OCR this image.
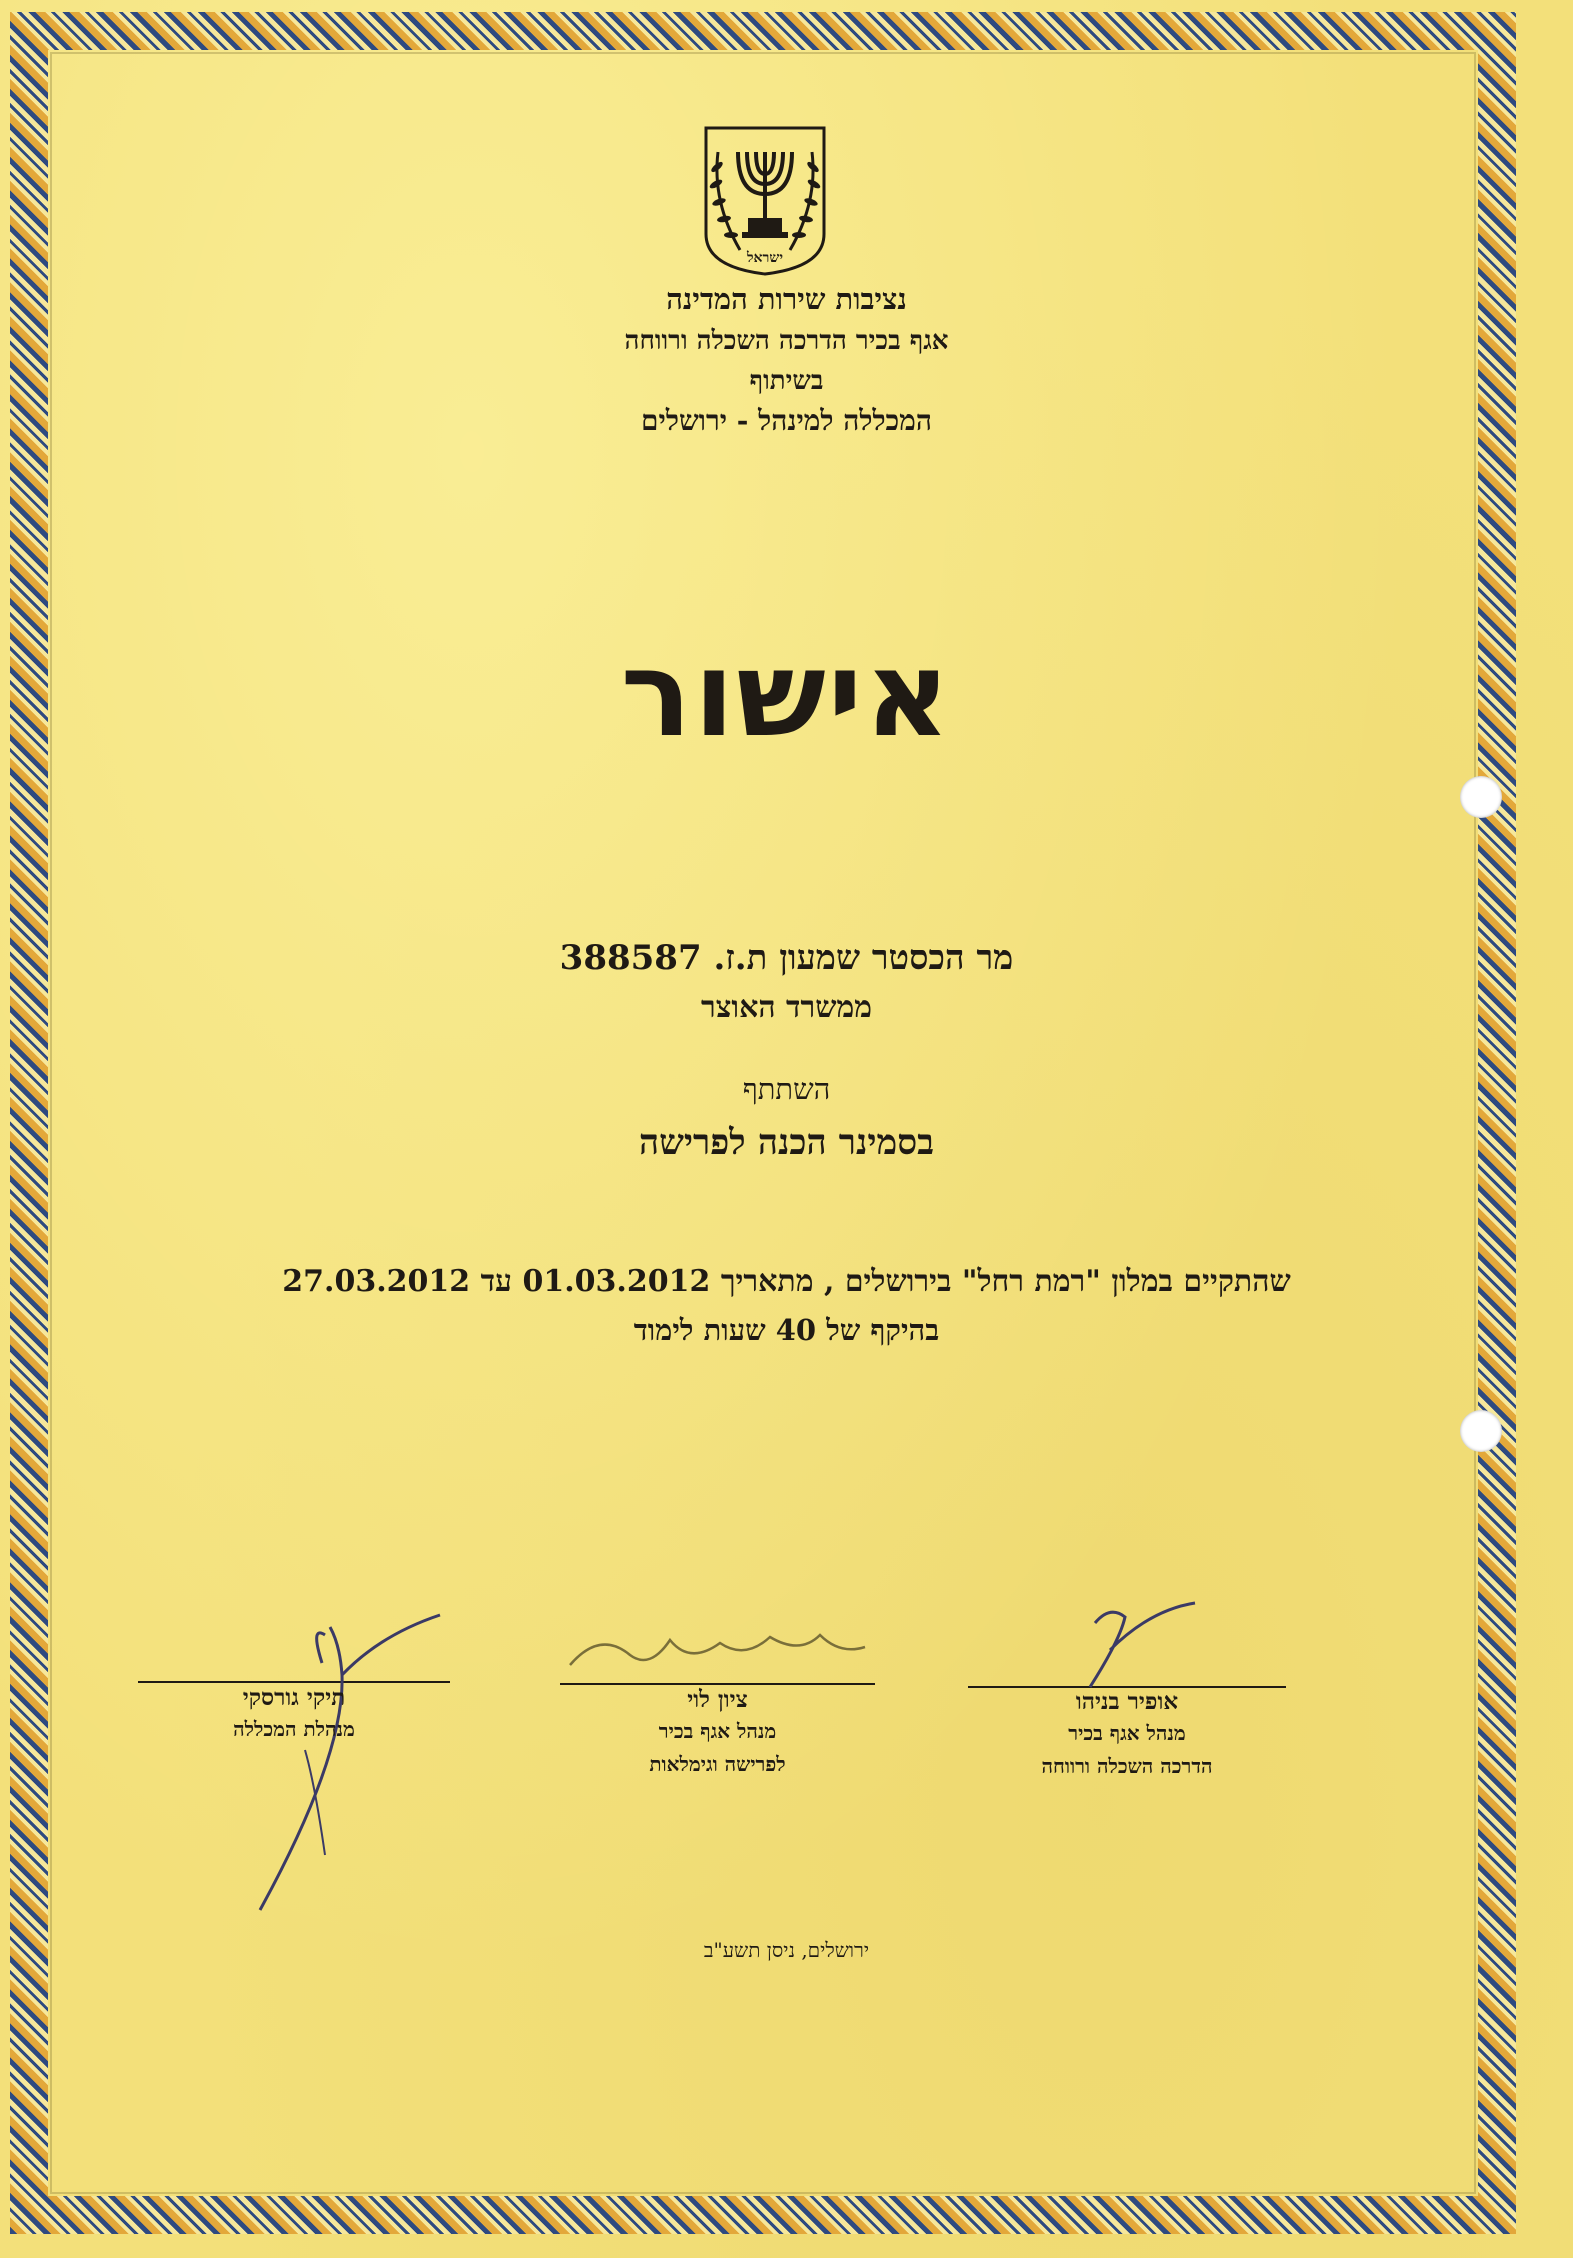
ישראל
נציבות שירות המדינה
אגף בכיר הדרכה השכלה ורווחה
בשיתוף
המכללה למינהל - ירושלים
אישור
מר הכסטר שמעון ת.ז. 388587
ממשרד האוצר
השתתף
בסמינר הכנה לפרישה
שהתקיים במלון "רמת רחל" בירושלים , מתאריך 01.03.2012 עד 27.03.2012
בהיקף של 40 שעות לימוד
אופיר בניהו
מנהל אגף בכיר
הדרכה השכלה ורווחה
ציון לוי
מנהל אגף בכיר
לפרישה וגימלאות
תיקי גורסקי
מנהלת המכללה
ירושלים, ניסן תשע"ב
